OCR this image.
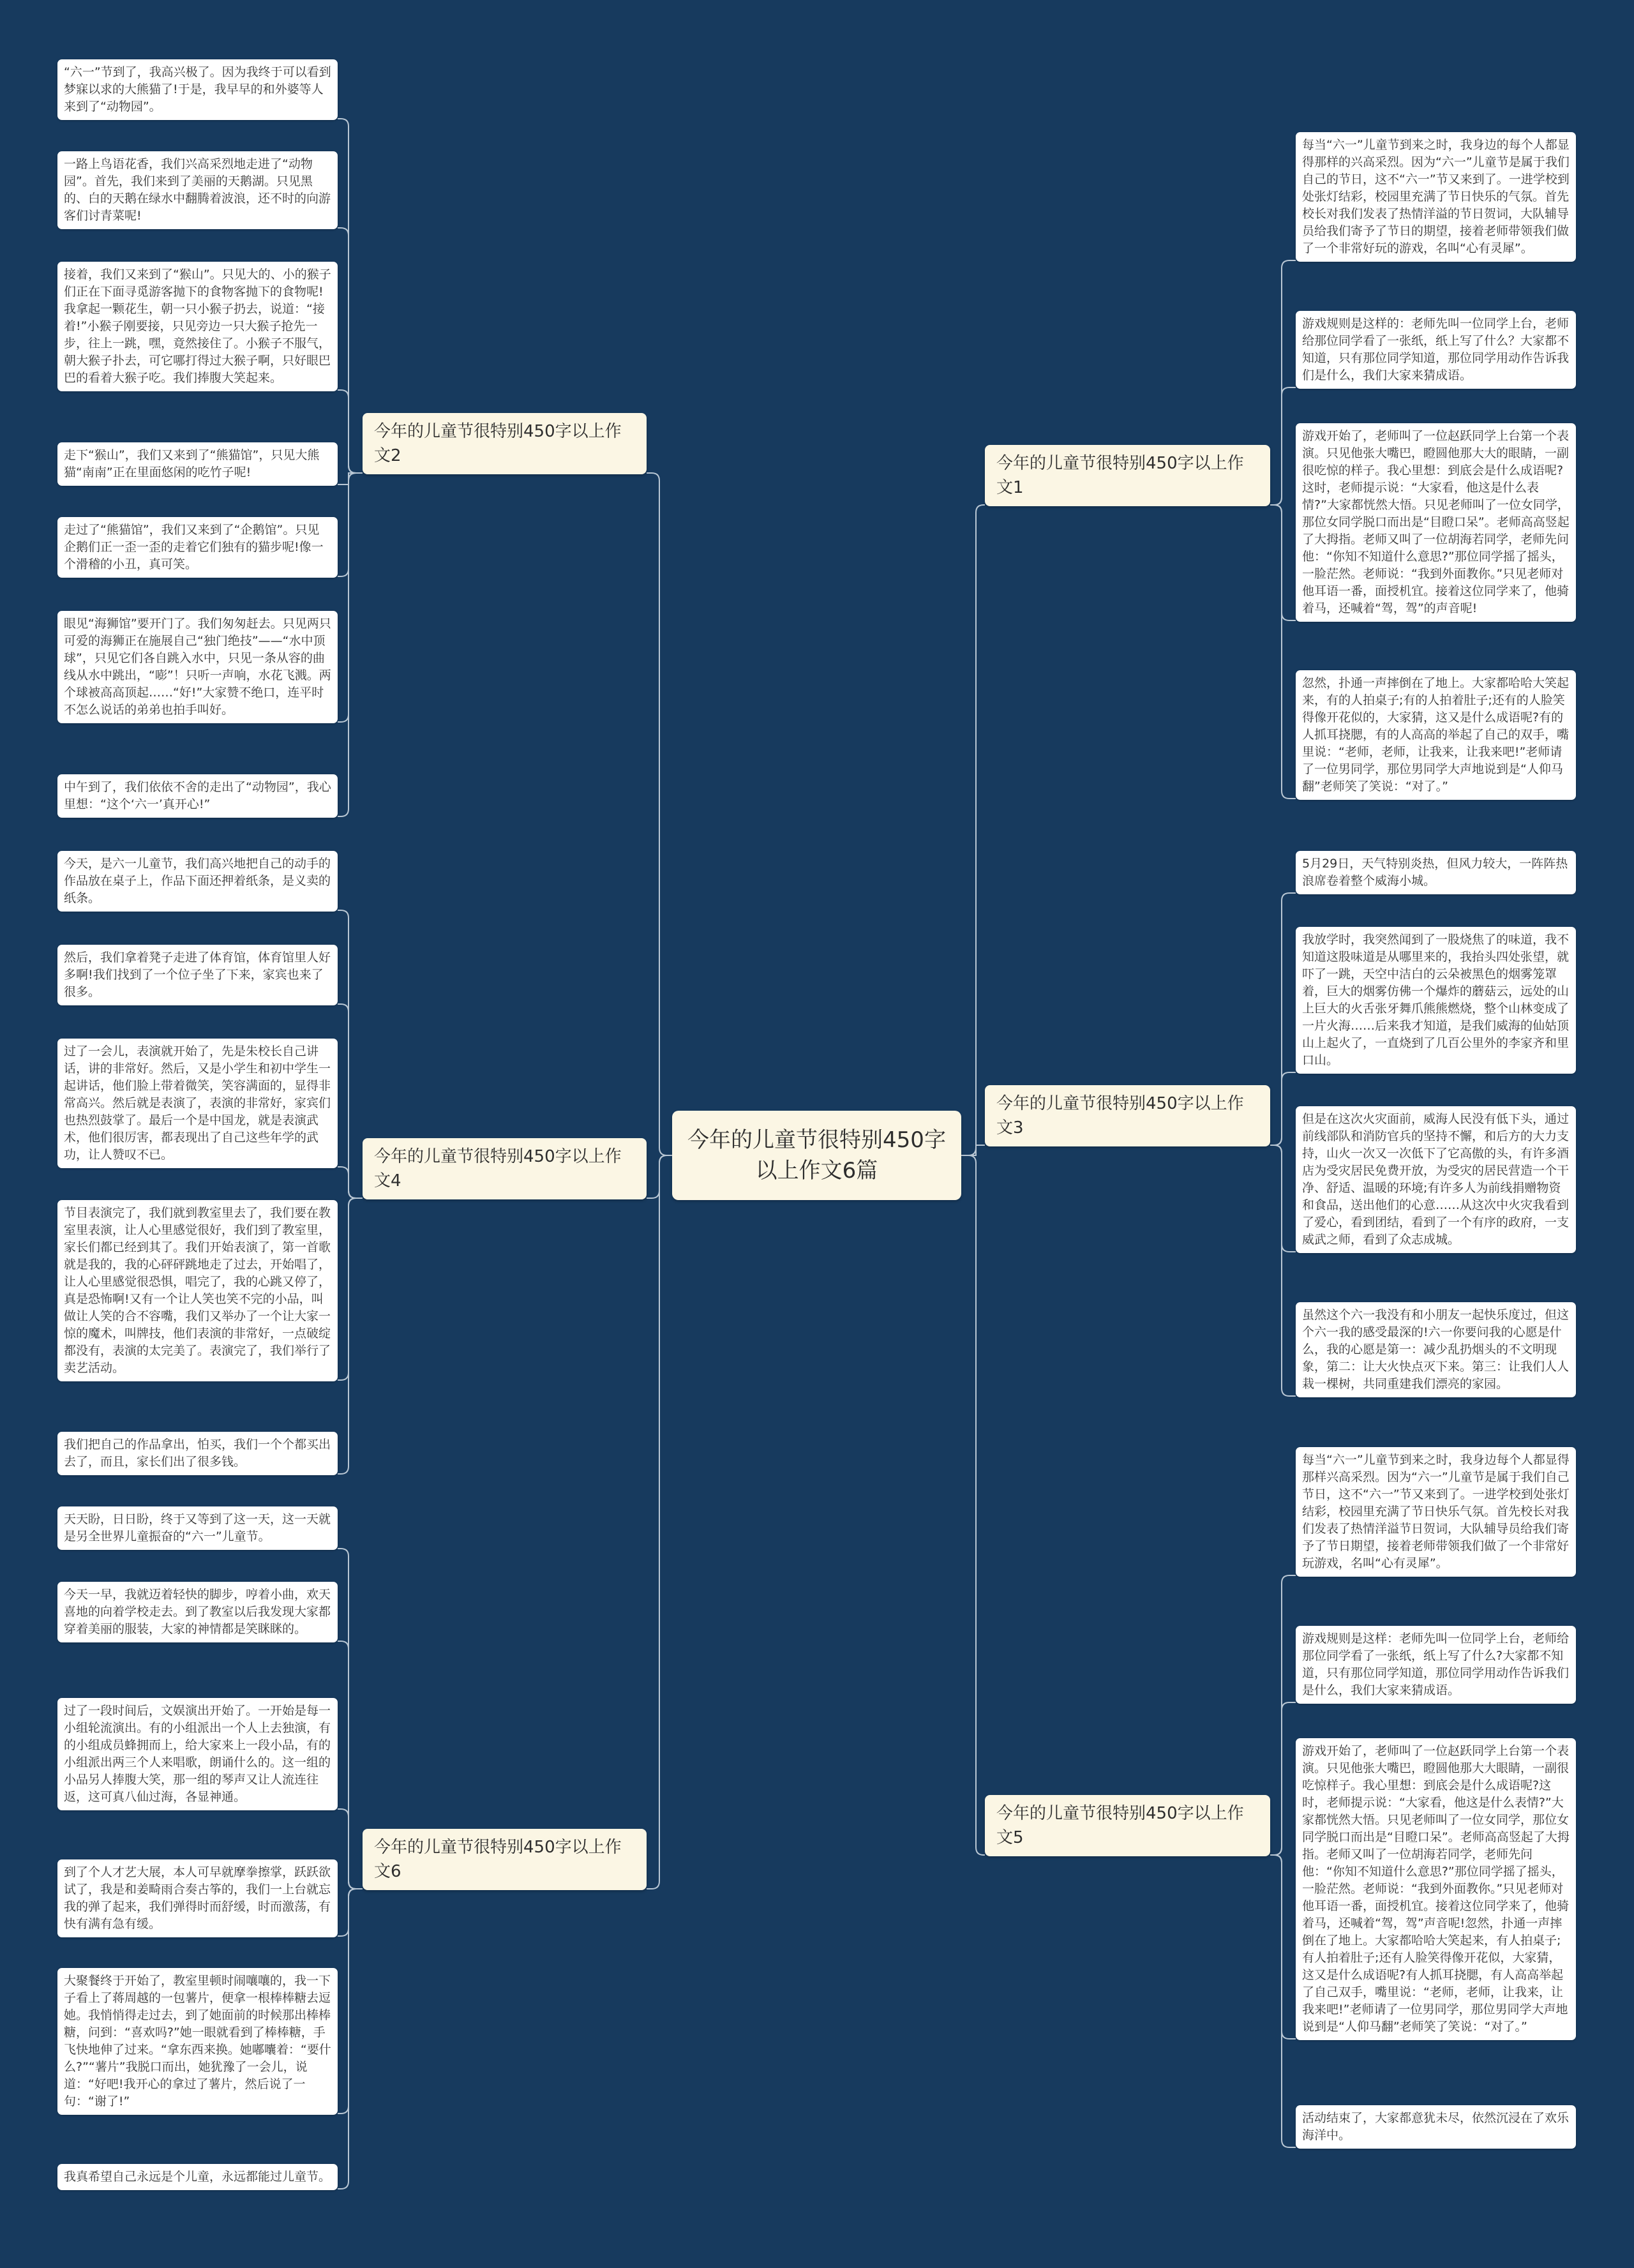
今年的儿童节很特别450字以上作文6篇
今年的儿童节很特别450字以上作文1
每当“六一”儿童节到来之时，我身边的每个人都显得那样的兴高采烈。因为“六一”儿童节是属于我们自己的节日，这不“六一”节又来到了。一进学校到处张灯结彩，校园里充满了节日快乐的气氛。首先校长对我们发表了热情洋溢的节日贺词，大队辅导员给我们寄予了节日的期望，接着老师带领我们做了一个非常好玩的游戏，名叫“心有灵犀”。
游戏规则是这样的：老师先叫一位同学上台，老师给那位同学看了一张纸，纸上写了什么？大家都不知道，只有那位同学知道，那位同学用动作告诉我们是什么，我们大家来猜成语。
游戏开始了，老师叫了一位赵跃同学上台第一个表演。只见他张大嘴巴，瞪圆他那大大的眼睛，一副很吃惊的样子。我心里想：到底会是什么成语呢?这时，老师提示说：“大家看，他这是什么表情?”大家都恍然大悟。只见老师叫了一位女同学，那位女同学脱口而出是“目瞪口呆”。老师高高竖起了大拇指。老师又叫了一位胡海若同学，老师先问他：“你知不知道什么意思?”那位同学摇了摇头，一脸茫然。老师说：“我到外面教你。”只见老师对他耳语一番，面授机宜。接着这位同学来了，他骑着马，还喊着“驾，驾”的声音呢!
忽然，扑通一声摔倒在了地上。大家都哈哈大笑起来，有的人拍桌子;有的人拍着肚子;还有的人脸笑得像开花似的，大家猜，这又是什么成语呢?有的人抓耳挠腮，有的人高高的举起了自己的双手，嘴里说：“老师，老师，让我来，让我来吧!”老师请了一位男同学，那位男同学大声地说到是“人仰马翻”老师笑了笑说：“对了。”
今年的儿童节很特别450字以上作文3
5月29日，天气特别炎热，但风力较大，一阵阵热浪席卷着整个威海小城。
我放学时，我突然闻到了一股烧焦了的味道，我不知道这股味道是从哪里来的，我抬头四处张望，就吓了一跳，天空中洁白的云朵被黑色的烟雾笼罩着，巨大的烟雾仿佛一个爆炸的蘑菇云，远处的山上巨大的火舌张牙舞爪熊熊燃烧，整个山林变成了一片火海……后来我才知道，是我们威海的仙姑顶山上起火了，一直烧到了几百公里外的李家齐和里口山。
但是在这次火灾面前，威海人民没有低下头，通过前线部队和消防官兵的坚持不懈，和后方的大力支持，山火一次又一次低下了它高傲的头，有许多酒店为受灾居民免费开放，为受灾的居民营造一个干净、舒适、温暖的环境;有许多人为前线捐赠物资和食品，送出他们的心意……从这次中火灾我看到了爱心，看到团结，看到了一个有序的政府，一支威武之师，看到了众志成城。
虽然这个六一我没有和小朋友一起快乐度过，但这个六一我的感受最深的!六一你要问我的心愿是什么，我的心愿是第一：减少乱扔烟头的不文明现象，第二：让大火快点灭下来。第三：让我们人人栽一棵树，共同重建我们漂亮的家园。
今年的儿童节很特别450字以上作文5
每当“六一”儿童节到来之时，我身边每个人都显得那样兴高采烈。因为“六一”儿童节是属于我们自己节日，这不“六一”节又来到了。一进学校到处张灯结彩，校园里充满了节日快乐气氛。首先校长对我们发表了热情洋溢节日贺词，大队辅导员给我们寄予了节日期望，接着老师带领我们做了一个非常好玩游戏，名叫“心有灵犀”。
游戏规则是这样：老师先叫一位同学上台，老师给那位同学看了一张纸，纸上写了什么?大家都不知道，只有那位同学知道，那位同学用动作告诉我们是什么，我们大家来猜成语。
游戏开始了，老师叫了一位赵跃同学上台第一个表演。只见他张大嘴巴，瞪圆他那大大眼睛，一副很吃惊样子。我心里想：到底会是什么成语呢?这时，老师提示说：“大家看，他这是什么表情?”大家都恍然大悟。只见老师叫了一位女同学，那位女同学脱口而出是“目瞪口呆”。老师高高竖起了大拇指。老师又叫了一位胡海若同学，老师先问他：“你知不知道什么意思?”那位同学摇了摇头，一脸茫然。老师说：“我到外面教你。”只见老师对他耳语一番，面授机宜。接着这位同学来了，他骑着马，还喊着“驾，驾”声音呢!忽然，扑通一声摔倒在了地上。大家都哈哈大笑起来，有人拍桌子;有人拍着肚子;还有人脸笑得像开花似，大家猜，这又是什么成语呢?有人抓耳挠腮，有人高高举起了自己双手，嘴里说：“老师，老师，让我来，让我来吧!”老师请了一位男同学，那位男同学大声地说到是“人仰马翻”老师笑了笑说：“对了。”
活动结束了，大家都意犹未尽，依然沉浸在了欢乐海洋中。
今年的儿童节很特别450字以上作文2
“六一”节到了，我高兴极了。因为我终于可以看到梦寐以求的大熊猫了!于是，我早早的和外婆等人来到了“动物园”。
一路上鸟语花香，我们兴高采烈地走进了“动物园”。首先，我们来到了美丽的天鹅湖。只见黑的、白的天鹅在绿水中翻腾着波浪，还不时的向游客们讨青菜呢!
接着，我们又来到了“猴山”。只见大的、小的猴子们正在下面寻觅游客抛下的食物客抛下的食物呢!我拿起一颗花生，朝一只小猴子扔去，说道：“接着!”小猴子刚要接，只见旁边一只大猴子抢先一步，往上一跳，嘿，竟然接住了。小猴子不服气，朝大猴子扑去，可它哪打得过大猴子啊，只好眼巴巴的看着大猴子吃。我们捧腹大笑起来。
走下“猴山”，我们又来到了“熊猫馆”，只见大熊猫“南南”正在里面悠闲的吃竹子呢!
走过了“熊猫馆”，我们又来到了“企鹅馆”。只见企鹅们正一歪一歪的走着它们独有的猫步呢!像一个滑稽的小丑，真可笑。
眼见“海狮馆”要开门了。我们匆匆赶去。只见两只可爱的海狮正在施展自己“独门绝技”——“水中顶球”，只见它们各自跳入水中，只见一条从容的曲线从水中跳出，“嘭”！只听一声响，水花飞溅。两个球被高高顶起……“好!”大家赞不绝口，连平时不怎么说话的弟弟也拍手叫好。
中午到了，我们依依不舍的走出了“动物园”，我心里想：“这个‘六一’真开心!”
今年的儿童节很特别450字以上作文4
今天，是六一儿童节，我们高兴地把自己的动手的作品放在桌子上，作品下面还押着纸条，是义卖的纸条。
然后，我们拿着凳子走进了体育馆，体育馆里人好多啊!我们找到了一个位子坐了下来，家宾也来了很多。
过了一会儿，表演就开始了，先是朱校长自己讲话，讲的非常好。然后，又是小学生和初中学生一起讲话，他们脸上带着微笑，笑容满面的，显得非常高兴。然后就是表演了，表演的非常好，家宾们也热烈鼓掌了。最后一个是中国龙，就是表演武术，他们很厉害，都表现出了自己这些年学的武功，让人赞叹不已。
节目表演完了，我们就到教室里去了，我们要在教室里表演，让人心里感觉很好，我们到了教室里，家长们都已经到其了。我们开始表演了，第一首歌就是我的，我的心砰砰跳地走了过去，开始唱了，让人心里感觉很恐惧，唱完了，我的心跳又停了，真是恐怖啊!又有一个让人笑也笑不完的小品，叫做让人笑的合不容嘴，我们又举办了一个让大家一惊的魔术，叫牌技，他们表演的非常好，一点破绽都没有，表演的太完美了。表演完了，我们举行了卖艺活动。
我们把自己的作品拿出，怕买，我们一个个都买出去了，而且，家长们出了很多钱。
今年的儿童节很特别450字以上作文6
天天盼，日日盼，终于又等到了这一天，这一天就是另全世界儿童振奋的“六一”儿童节。
今天一早，我就迈着轻快的脚步，哼着小曲，欢天喜地的向着学校走去。到了教室以后我发现大家都穿着美丽的服装，大家的神情都是笑眯眯的。
过了一段时间后，文娱演出开始了。一开始是每一小组轮流演出。有的小组派出一个人上去独演，有的小组成员蜂拥而上，给大家来上一段小品，有的小组派出两三个人来唱歌，朗诵什么的。这一组的小品另人捧腹大笑，那一组的琴声又让人流连往返，这可真八仙过海，各显神通。
到了个人才艺大展，本人可早就摩拳擦掌，跃跃欲试了，我是和姜畸雨合奏古筝的，我们一上台就忘我的弹了起来，我们弹得时而舒缓，时而激荡，有快有满有急有缓。
大聚餐终于开始了，教室里顿时闹嚷嚷的，我一下子看上了蒋周越的一包薯片，便拿一根棒棒糖去逗她。我悄悄得走过去，到了她面前的时候那出棒棒糖，问到：“喜欢吗?”她一眼就看到了棒棒糖，手飞快地伸了过来。“拿东西来换。她嘟囔着：“要什么?”“薯片”我脱口而出，她犹豫了一会儿，说道：“好吧!我开心的拿过了薯片，然后说了一句：“谢了!”
我真希望自己永远是个儿童，永远都能过儿童节。
